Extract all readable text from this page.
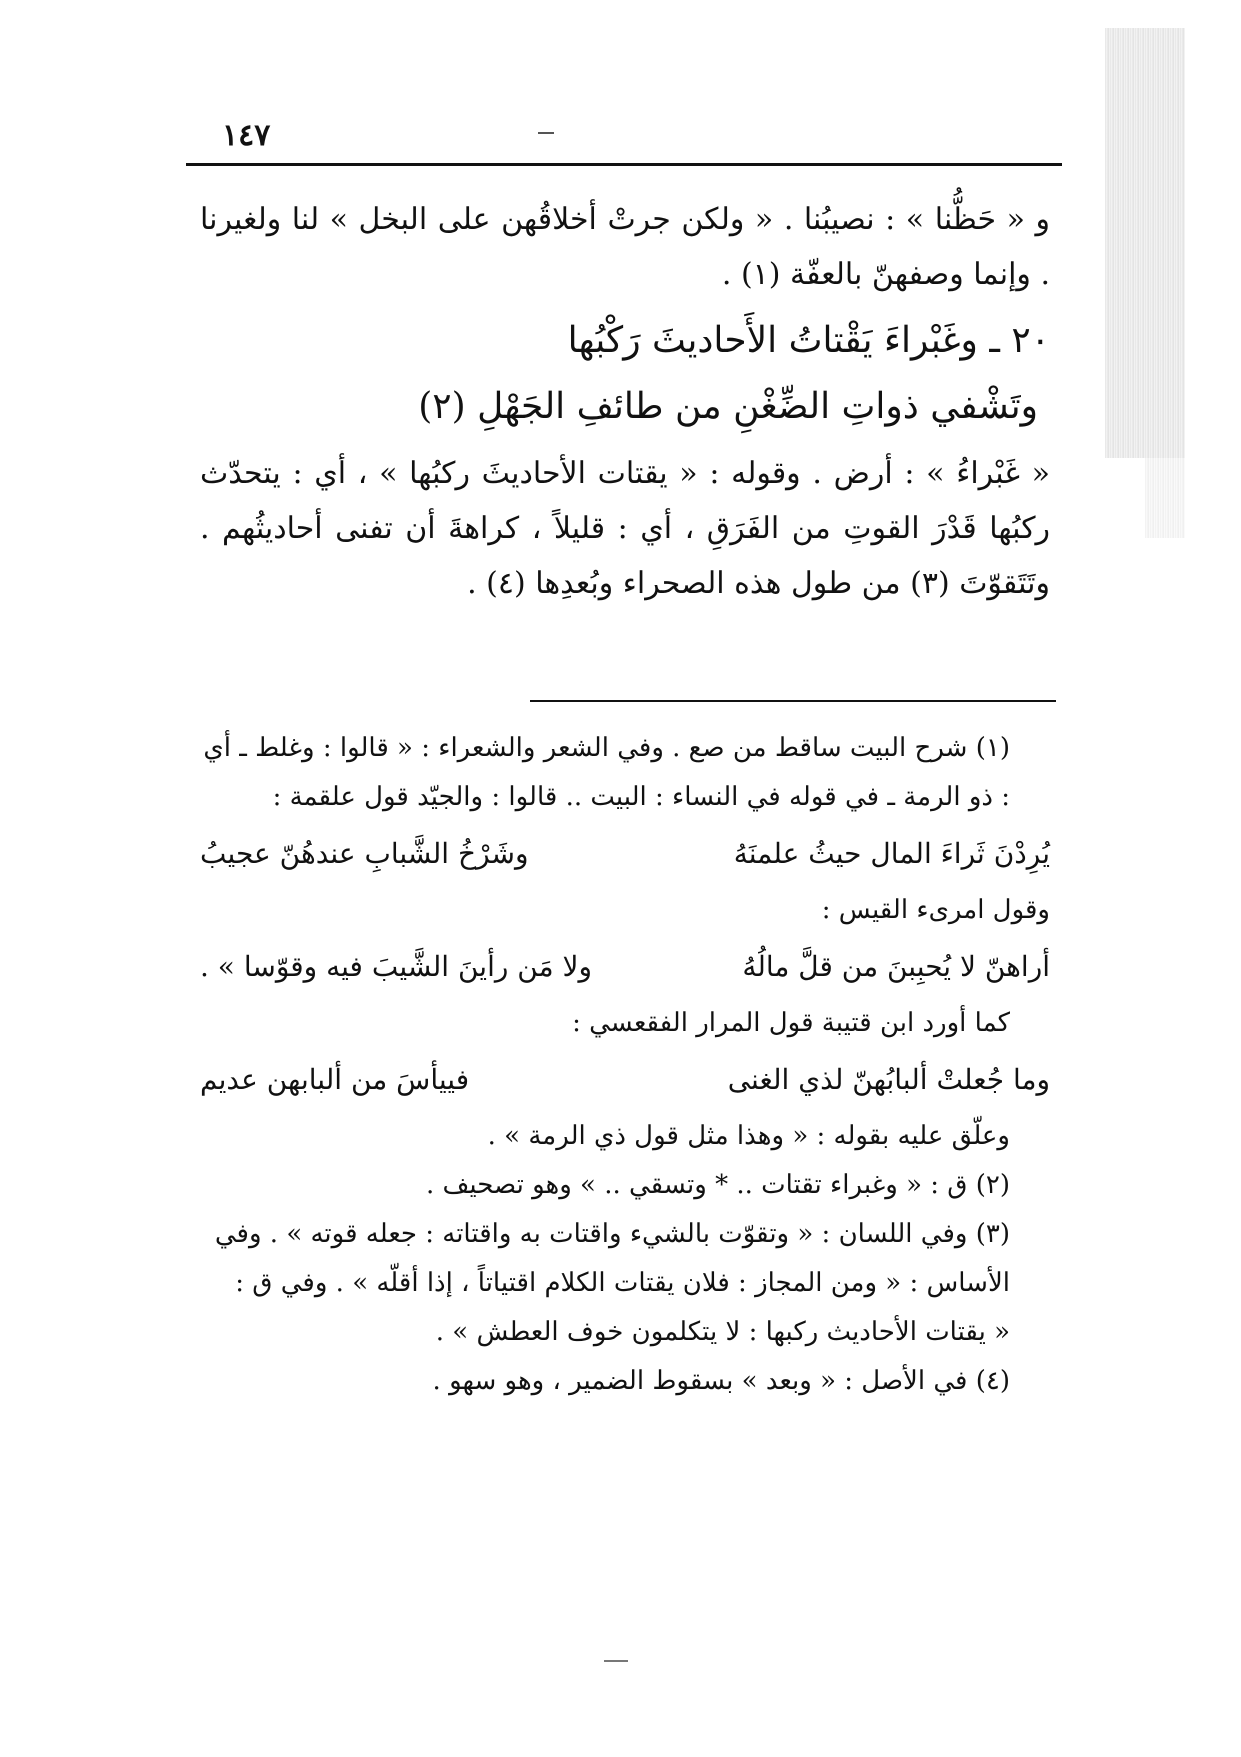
١٤٧

و « حَظُّنا » : نصيبُنا . « ولكن جرتْ أخلاقُهن على البخل » لنا ولغيرنا . وإنما وصفهنّ بالعفّة (١) .

٢٠ ـ وغَبْراءَ يَقْتاتُ الأَحاديثَ رَكْبُها

وتَشْفي ذواتِ الضِّغْنِ من طائفِ الجَهْلِ (٢)

« غَبْراءُ » : أرض . وقوله : « يقتات الأحاديثَ ركبُها » ، أي : يتحدّث ركبُها قَدْرَ القوتِ من الفَرَقِ ، أي : قليلاً ، كراهةَ أن تفنى أحاديثُهم . وتَتَقوّتَ (٣) من طول هذه الصحراء وبُعدِها (٤) .

(١) شرح البيت ساقط من صع . وفي الشعر والشعراء : « قالوا : وغلط ـ أي : ذو الرمة ـ في قوله في النساء : البيت .. قالوا : والجيّد قول علقمة :

يُرِدْنَ ثَراءَ المال حيثُ علمنَهُ
وشَرْخُ الشَّبابِ عندهُنّ عجيبُ

وقول امرىء القيس :

أراهنّ لا يُحبِبنَ من قلَّ مالُهُ
ولا مَن رأينَ الشَّيبَ فيه وقوّسا » .

كما أورد ابن قتيبة قول المرار الفقعسي :

وما جُعلتْ ألبابُهنّ لذي الغنى
فييأسَ من ألبابهن عديم

وعلّق عليه بقوله : « وهذا مثل قول ذي الرمة » .

(٢) ق : « وغبراء تقتات .. * وتسقي .. » وهو تصحيف .

(٣) وفي اللسان : « وتقوّت بالشيء واقتات به واقتاته : جعله قوته » . وفي الأساس : « ومن المجاز : فلان يقتات الكلام اقتياتاً ، إذا أقلّه » . وفي ق :

« يقتات الأحاديث ركبها : لا يتكلمون خوف العطش » .

(٤) في الأصل : « وبعد » بسقوط الضمير ، وهو سهو .
